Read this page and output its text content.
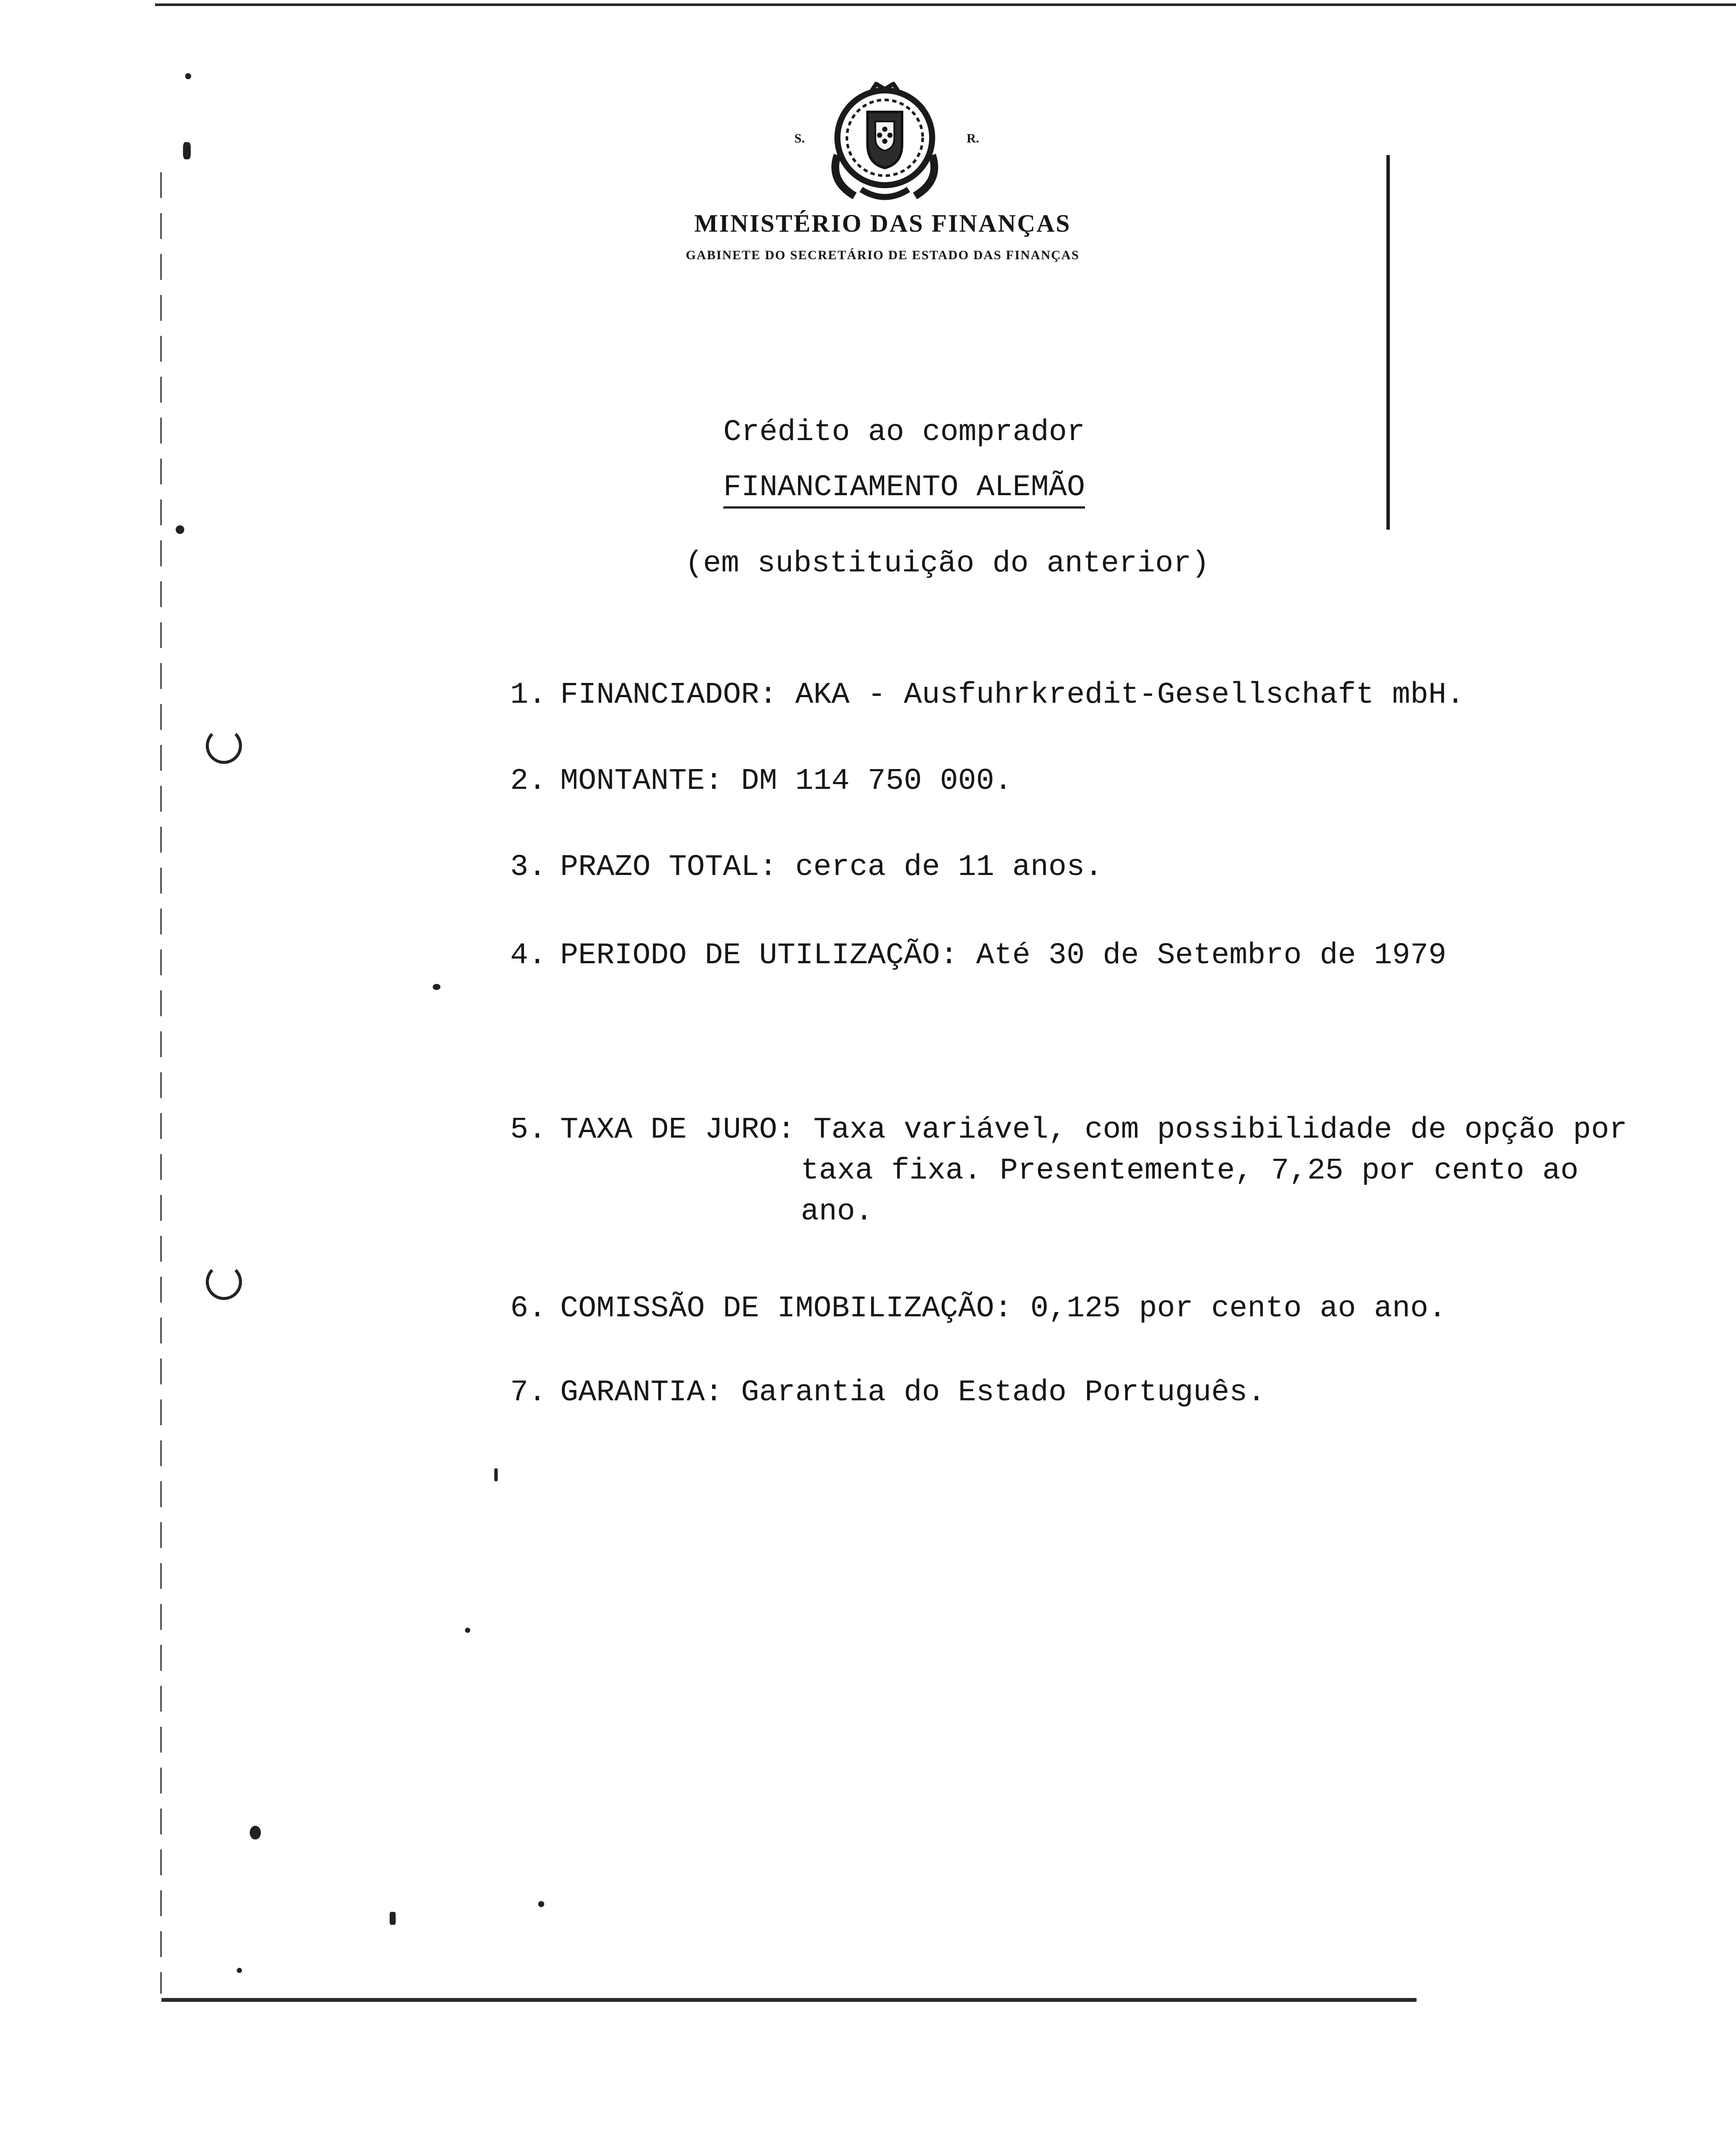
S.	R.
MINISTÉRIO DAS FINANÇAS
GABINETE DO SECRETÁRIO DE ESTADO DAS FINANÇAS
Crédito ao comprador
FINANCIAMENTO ALEMÃO
(em substituição do anterior)
1. FINANCIADOR: AKA - Ausfuhrkredit-Gesellschaft mbH.
2. MONTANTE: DM 114 750 000.
3. PRAZO TOTAL: cerca de 11 anos.
4. PERIODO DE UTILIZAÇÃO: Até 30 de Setembro de 1979
5. TAXA DE JURO: Taxa variável, com possibilidade de opção por
taxa fixa. Presentemente, 7,25 por cento ao
ano.
6. COMISSÃO DE IMOBILIZAÇÃO: 0,125 por cento ao ano.
7. GARANTIA: Garantia do Estado Português.
